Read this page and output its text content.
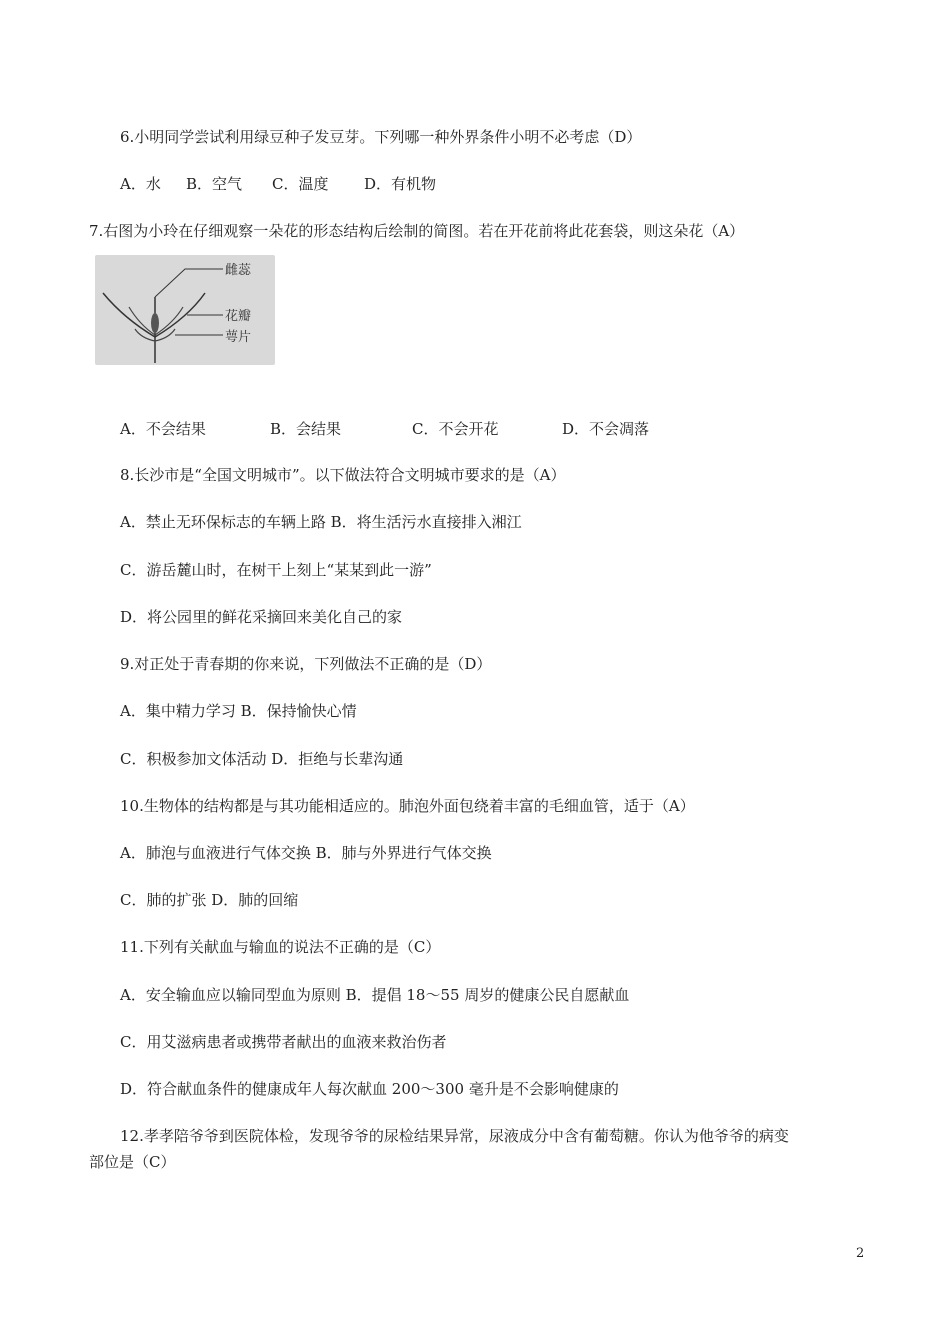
6.小明同学尝试利用绿豆种子发豆芽。下列哪一种外界条件小明不必考虑（D）
A．水 B．空气 C．温度 D．有机物
7.右图为小玲在仔细观察一朵花的形态结构后绘制的简图。若在开花前将此花套袋，则这朵花（A）
雌蕊
花瓣
萼片
A．不会结果	B．会结果	C．不会开花	D．不会凋落
8.长沙市是“全国文明城市”。以下做法符合文明城市要求的是（A）
A．禁止无环保标志的车辆上路 B．将生活污水直接排入湘江
C．游岳麓山时，在树干上刻上“某某到此一游”
D．将公园里的鲜花采摘回来美化自己的家
9.对正处于青春期的你来说，下列做法不正确的是（D）
A．集中精力学习 B．保持愉快心情
C．积极参加文体活动 D．拒绝与长辈沟通
10.生物体的结构都是与其功能相适应的。肺泡外面包绕着丰富的毛细血管，适于（A）
A．肺泡与血液进行气体交换 B．肺与外界进行气体交换
C．肺的扩张 D．肺的回缩
11.下列有关献血与输血的说法不正确的是（C）
A．安全输血应以输同型血为原则 B．提倡 18～55 周岁的健康公民自愿献血
C．用艾滋病患者或携带者献出的血液来救治伤者
D．符合献血条件的健康成年人每次献血 200～300 毫升是不会影响健康的
12.孝孝陪爷爷到医院体检，发现爷爷的尿检结果异常，尿液成分中含有葡萄糖。你认为他爷爷的病变
部位是（C）
2
